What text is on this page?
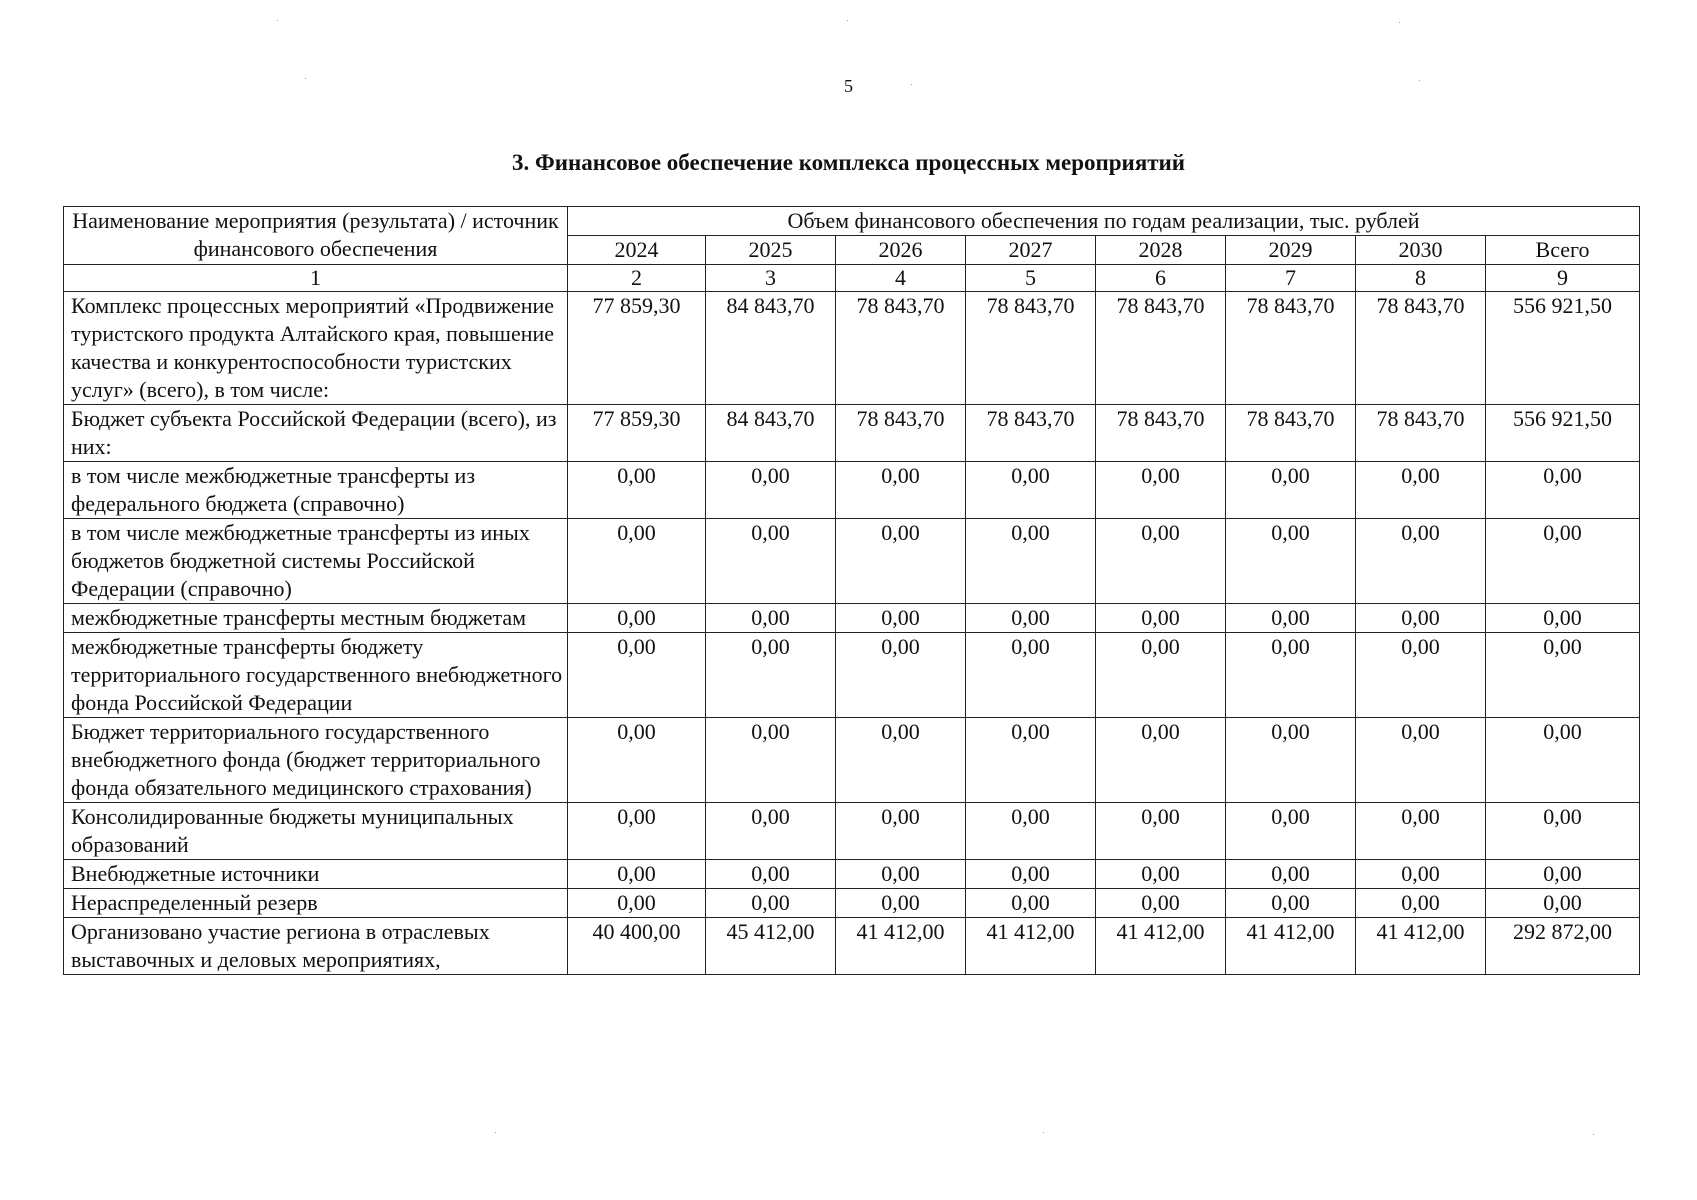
5
3. Финансовое обеспечение комплекса процессных мероприятий
Наименование мероприятия (результата) / источник финансового обеспечения	Объем финансового обеспечения по годам реализации, тыс. рублей							
	2024	2025	2026	2027	2028	2029	2030	Всего
1	2	3	4	5	6	7	8	9
Комплекс процессных мероприятий «Продвижение туристского продукта Алтайского края, повышение качества и конкурентоспособности туристских услуг» (всего), в том числе:	77 859,30	84 843,70	78 843,70	78 843,70	78 843,70	78 843,70	78 843,70	556 921,50
Бюджет субъекта Российской Федерации (всего), из них:	77 859,30	84 843,70	78 843,70	78 843,70	78 843,70	78 843,70	78 843,70	556 921,50
в том числе межбюджетные трансферты из федерального бюджета (справочно)	0,00	0,00	0,00	0,00	0,00	0,00	0,00	0,00
в том числе межбюджетные трансферты из иных бюджетов бюджетной системы Российской Федерации (справочно)	0,00	0,00	0,00	0,00	0,00	0,00	0,00	0,00
межбюджетные трансферты местным бюджетам	0,00	0,00	0,00	0,00	0,00	0,00	0,00	0,00
межбюджетные трансферты бюджету территориального государственного внебюджетного фонда Российской Федерации	0,00	0,00	0,00	0,00	0,00	0,00	0,00	0,00
Бюджет территориального государственного внебюджетного фонда (бюджет территориального фонда обязательного медицинского страхования)	0,00	0,00	0,00	0,00	0,00	0,00	0,00	0,00
Консолидированные бюджеты муниципальных образований	0,00	0,00	0,00	0,00	0,00	0,00	0,00	0,00
Внебюджетные источники	0,00	0,00	0,00	0,00	0,00	0,00	0,00	0,00
Нераспределенный резерв	0,00	0,00	0,00	0,00	0,00	0,00	0,00	0,00
Организовано участие региона в отраслевых выставочных и деловых мероприятиях,	40 400,00	45 412,00	41 412,00	41 412,00	41 412,00	41 412,00	41 412,00	292 872,00
.	.	.
.
.	.
.	.	.
